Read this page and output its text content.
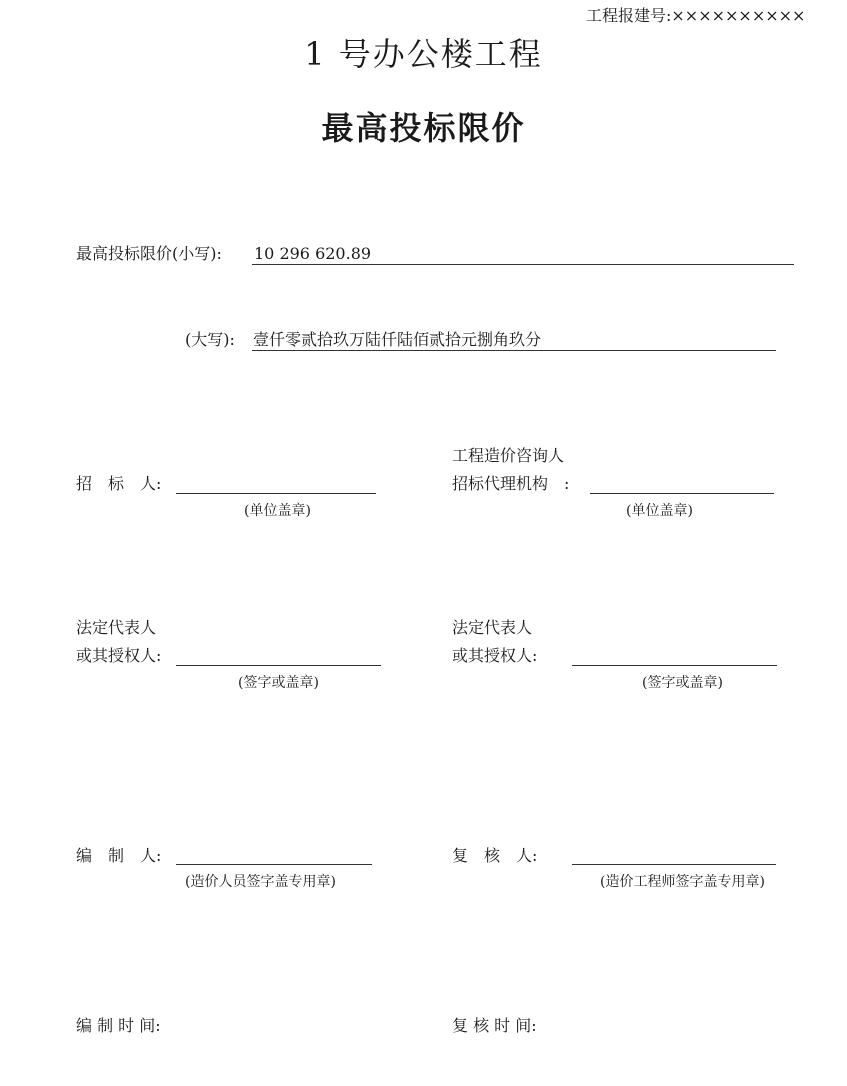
工程报建号:××××××××××
1 号办公楼工程
最高投标限价
最高投标限价(小写): 10 296 620.89
(大写): 壹仟零贰拾玖万陆仟陆佰贰拾元捌角玖分
工程造价咨询人
招　标　人:
(单位盖章)
招标代理机构　:
(单位盖章)
法定代表人
或其授权人:
(签字或盖章)
法定代表人
或其授权人:
(签字或盖章)
编　制　人:
(造价人员签字盖专用章)
复　核　人:
(造价工程师签字盖专用章)
编 制 时 间:	复 核 时 间:
